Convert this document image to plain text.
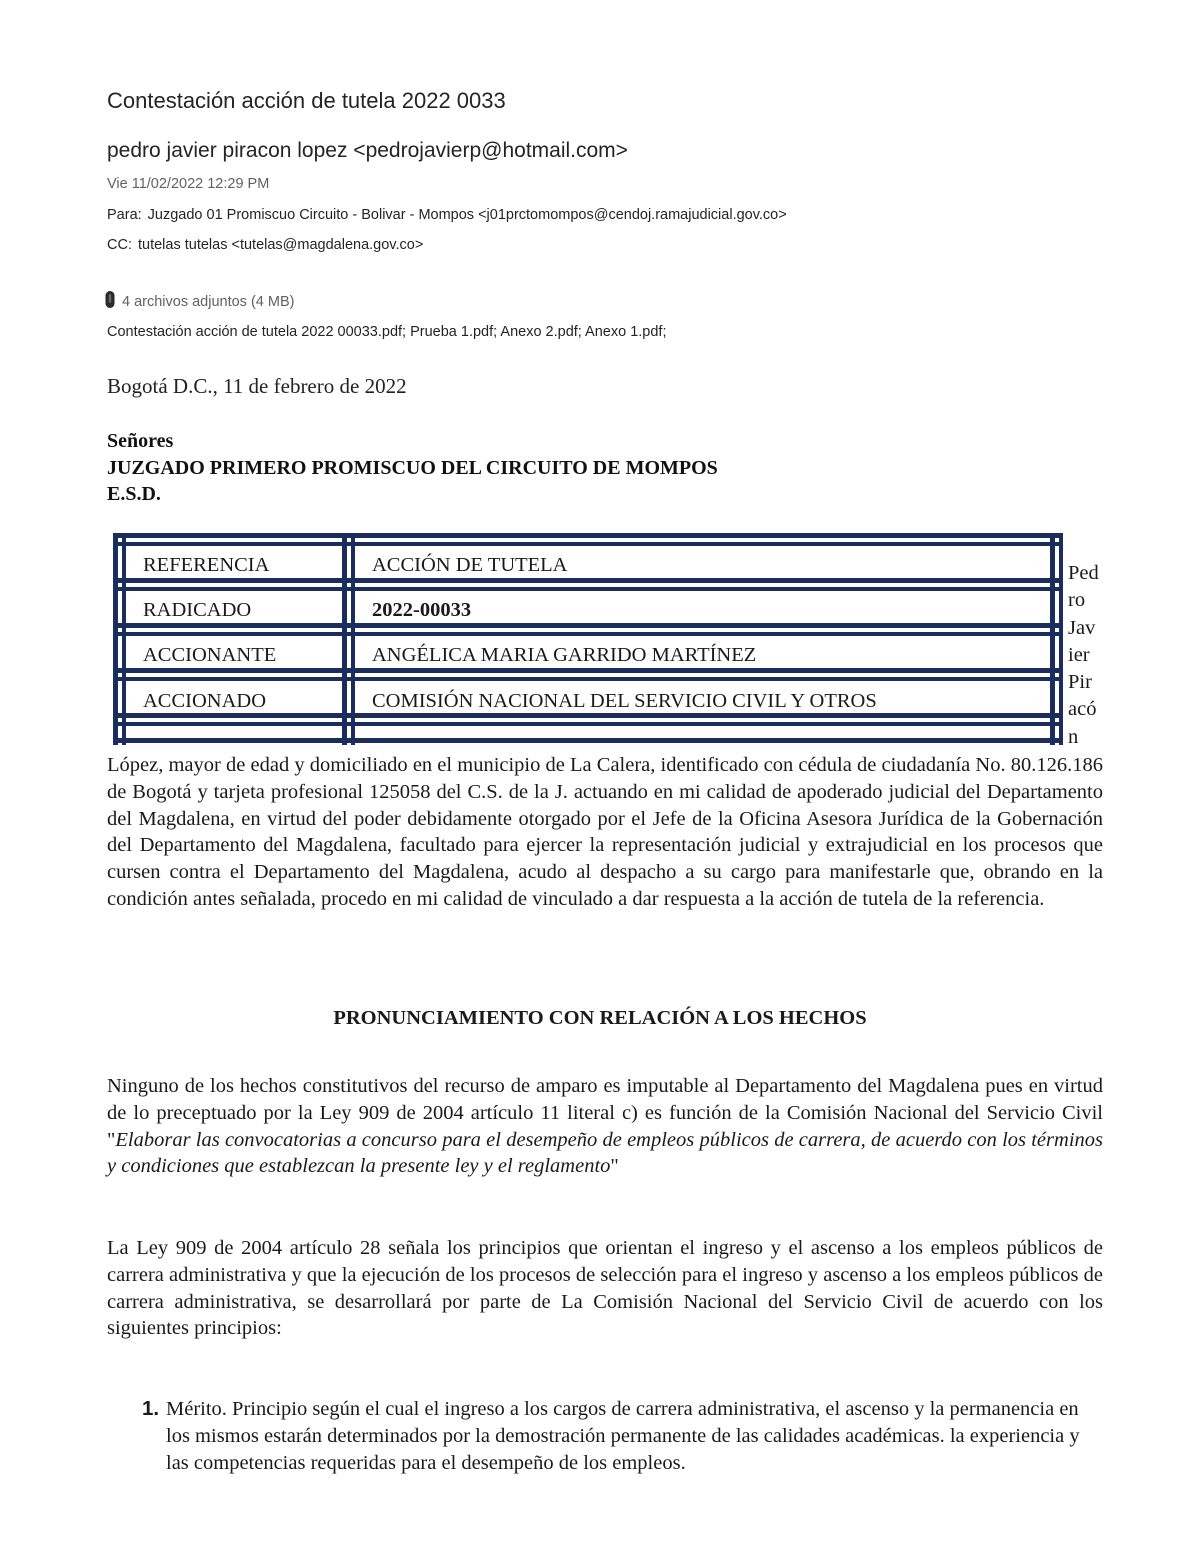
Contestación acción de tutela 2022 0033
pedro javier piracon lopez <pedrojavierp@hotmail.com>
Vie 11/02/2022 12:29 PM
Para: Juzgado 01 Promiscuo Circuito - Bolivar - Mompos <j01prctomompos@cendoj.ramajudicial.gov.co>
CC: tutelas tutelas <tutelas@magdalena.gov.co>
4 archivos adjuntos (4 MB)
Contestación acción de tutela 2022 00033.pdf; Prueba 1.pdf; Anexo 2.pdf; Anexo 1.pdf;
Bogotá D.C., 11 de febrero de 2022
Señores
JUZGADO PRIMERO PROMISCUO DEL CIRCUITO DE MOMPOS
E.S.D.
REFERENCIA	ACCIÓN DE TUTELA
RADICADO	2022-00033
ACCIONANTE	ANGÉLICA MARIA GARRIDO MARTÍNEZ
ACCIONADO	COMISIÓN NACIONAL DEL SERVICIO CIVIL Y OTROS
Ped
ro
Jav
ier
Pir
acó
n

López, mayor de edad y domiciliado en el municipio de La Calera, identificado con cédula de ciudadanía No. 80.126.186 de Bogotá y tarjeta profesional 125058 del C.S. de la J. actuando en mi calidad de apoderado judicial del Departamento del Magdalena, en virtud del poder debidamente otorgado por el Jefe de la Oficina Asesora Jurídica de la Gobernación del Departamento del Magdalena, facultado para ejercer la representación judicial y extrajudicial en los procesos que cursen contra el Departamento del Magdalena, acudo al despacho a su cargo para manifestarle que, obrando en la condición antes señalada, procedo en mi calidad de vinculado a dar respuesta a la acción de tutela de la referencia.

PRONUNCIAMIENTO CON RELACIÓN A LOS HECHOS

Ninguno de los hechos constitutivos del recurso de amparo es imputable al Departamento del Magdalena pues en virtud de lo preceptuado por la Ley 909 de 2004 artículo 11 literal c) es función de la Comisión Nacional del Servicio Civil "Elaborar las convocatorias a concurso para el desempeño de empleos públicos de carrera, de acuerdo con los términos y condiciones que establezcan la presente ley y el reglamento"

La Ley 909 de 2004 artículo 28 señala los principios que orientan el ingreso y el ascenso a los empleos públicos de carrera administrativa y que la ejecución de los procesos de selección para el ingreso y ascenso a los empleos públicos de carrera administrativa, se desarrollará por parte de La Comisión Nacional del Servicio Civil de acuerdo con los siguientes principios:

1. Mérito. Principio según el cual el ingreso a los cargos de carrera administrativa, el ascenso y la permanencia en los mismos estarán determinados por la demostración permanente de las calidades académicas. la experiencia y las competencias requeridas para el desempeño de los empleos.
